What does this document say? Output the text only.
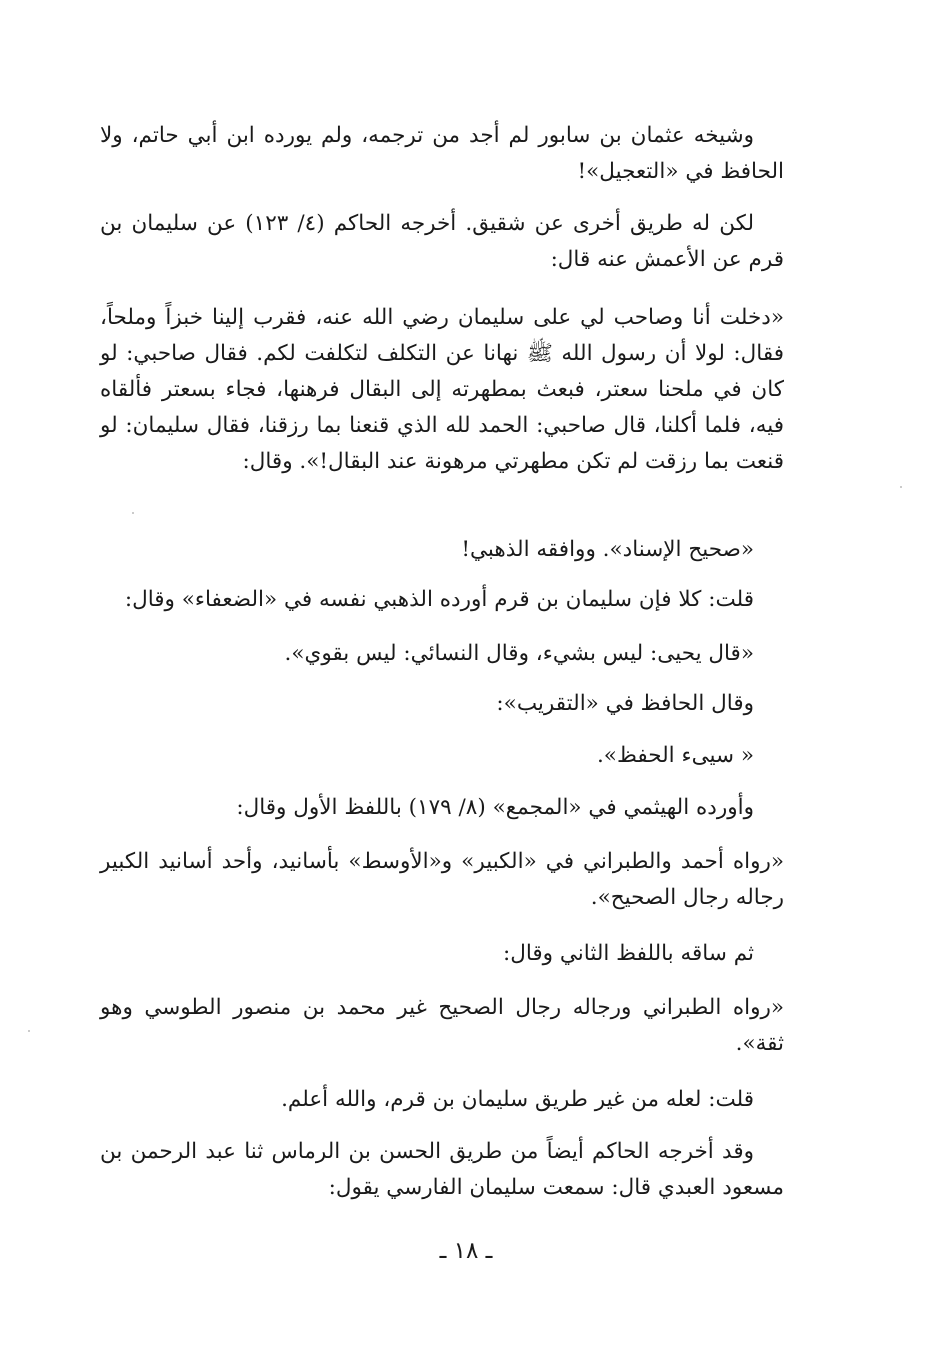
وشيخه عثمان بن سابور لم أجد من ترجمه، ولم يورده ابن أبي حاتم، ولا الحافظ في «التعجيل»!

لكن له طريق أخرى عن شقيق. أخرجه الحاكم (٤/ ١٢٣) عن سليمان بن قرم عن الأعمش عنه قال:

«دخلت أنا وصاحب لي على سليمان رضي الله عنه، فقرب إلينا خبزاً وملحاً، فقال: لولا أن رسول الله ﷺ نهانا عن التكلف لتكلفت لكم. فقال صاحبي: لو كان في ملحنا سعتر، فبعث بمطهرته إلى البقال فرهنها، فجاء بسعتر فألقاه فيه، فلما أكلنا، قال صاحبي: الحمد لله الذي قنعنا بما رزقنا، فقال سليمان: لو قنعت بما رزقت لم تكن مطهرتي مرهونة عند البقال!». وقال:

«صحيح الإسناد». ووافقه الذهبي!

قلت: كلا فإن سليمان بن قرم أورده الذهبي نفسه في «الضعفاء» وقال:

«قال يحيى: ليس بشيء، وقال النسائي: ليس بقوي».

وقال الحافظ في «التقريب»:

« سيىء الحفظ».

وأورده الهيثمي في «المجمع» (٨/ ١٧٩) باللفظ الأول وقال:

«رواه أحمد والطبراني في «الكبير» و«الأوسط» بأسانيد، وأحد أسانيد الكبير رجاله رجال الصحيح».

ثم ساقه باللفظ الثاني وقال:

«رواه الطبراني ورجاله رجال الصحيح غير محمد بن منصور الطوسي وهو ثقة».

قلت: لعله من غير طريق سليمان بن قرم، والله أعلم.

وقد أخرجه الحاكم أيضاً من طريق الحسن بن الرماس ثنا عبد الرحمن بن مسعود العبدي قال: سمعت سليمان الفارسي يقول:

ـ ١٨ ـ
